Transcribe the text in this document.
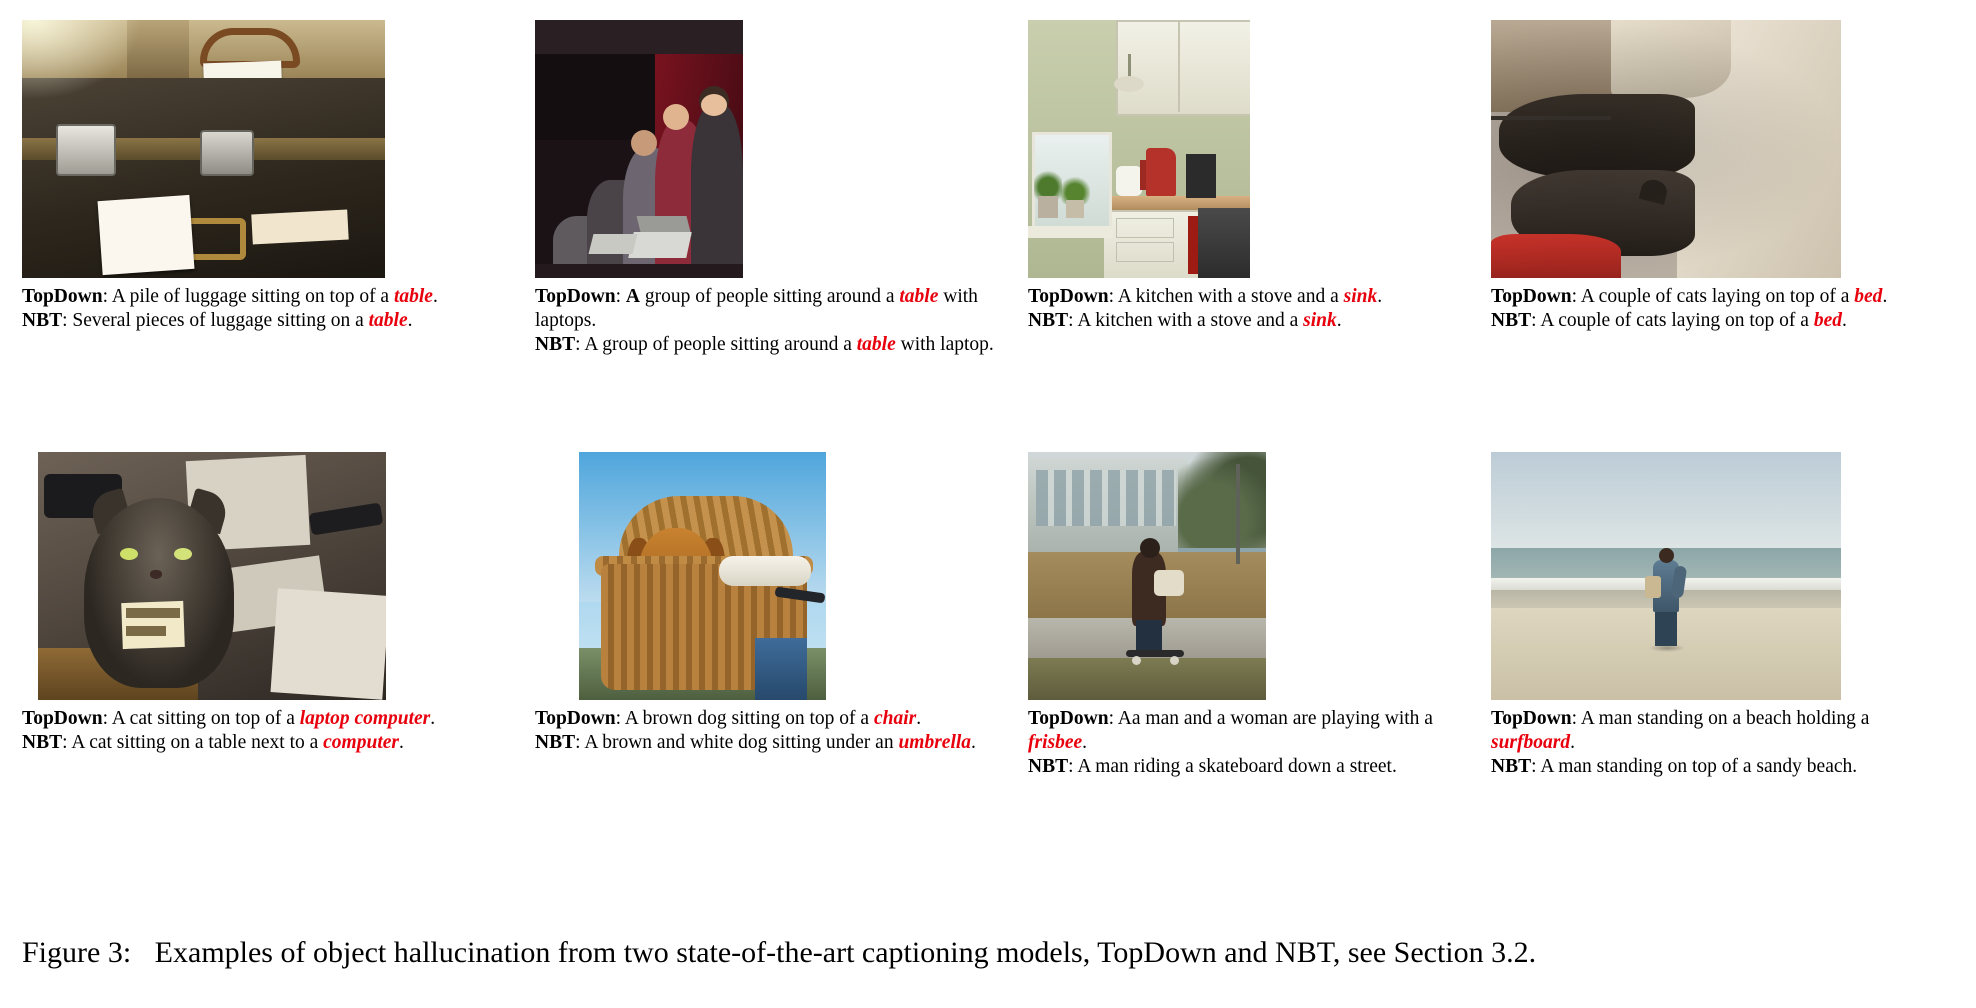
TopDown: A pile of luggage sitting on top of a table.
NBT: Several pieces of luggage sitting on a table.
TopDown: A group of people sitting around a table with laptops.
NBT: A group of people sitting around a table with laptop.
TopDown: A kitchen with a stove and a sink.
NBT: A kitchen with a stove and a sink.
TopDown: A couple of cats laying on top of a bed.
NBT: A couple of cats laying on top of a bed.
TopDown: A cat sitting on top of a laptop computer.
NBT: A cat sitting on a table next to a computer.
TopDown: A brown dog sitting on top of a chair.
NBT: A brown and white dog sitting under an umbrella.
TopDown: Aa man and a woman are playing with a frisbee.
NBT: A man riding a skateboard down a street.
TopDown: A man standing on a beach holding a surfboard.
NBT: A man standing on top of a sandy beach.
Figure 3: Examples of object hallucination from two state-of-the-art captioning models, TopDown and NBT, see Section 3.2.
